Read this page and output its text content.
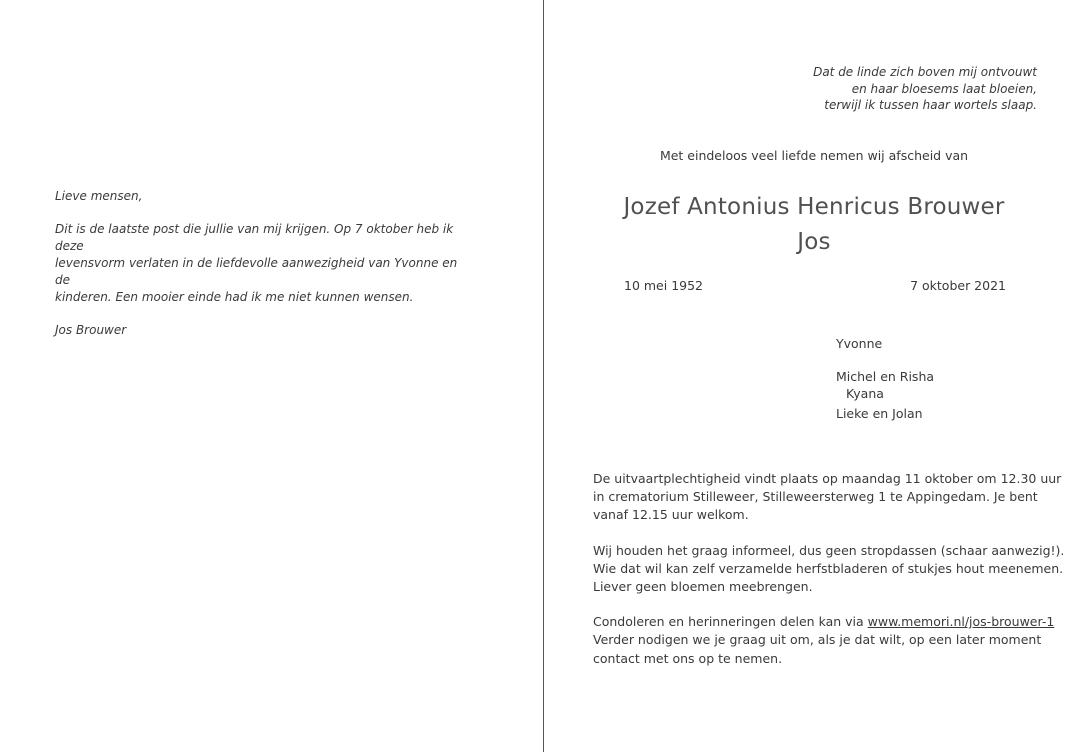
Lieve mensen,

Dit is de laatste post die jullie van mij krijgen. Op 7 oktober heb ik deze
levensvorm verlaten in de liefdevolle aanwezigheid van Yvonne en de
kinderen. Een mooier einde had ik me niet kunnen wensen.

Jos Brouwer

Dat de linde zich boven mij ontvouwt
en haar bloesems laat bloeien,
terwijl ik tussen haar wortels slaap.
Met eindeloos veel liefde nemen wij afscheid van
Jozef Antonius Henricus Brouwer
Jos
10 mei 1952	7 oktober 2021
Yvonne
Michel en Risha
Kyana
Lieke en Jolan

De uitvaartplechtigheid vindt plaats op maandag 11 oktober om 12.30 uur
in crematorium Stilleweer, Stilleweersterweg 1 te Appingedam. Je bent
vanaf 12.15 uur welkom.

Wij houden het graag informeel, dus geen stropdassen (schaar aanwezig!).
Wie dat wil kan zelf verzamelde herfstbladeren of stukjes hout meenemen.
Liever geen bloemen meebrengen.

Condoleren en herinneringen delen kan via www.memori.nl/jos-brouwer-1
Verder nodigen we je graag uit om, als je dat wilt, op een later moment
contact met ons op te nemen.
